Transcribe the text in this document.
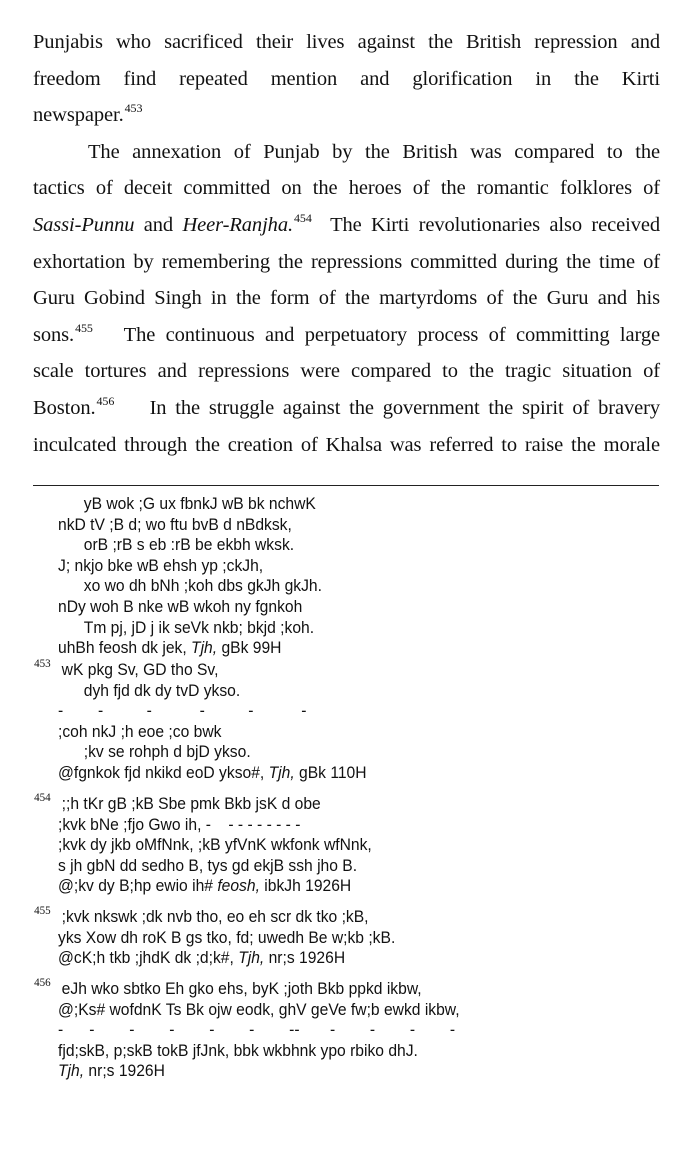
Punjabis who sacrificed their lives against the British repression and
freedom find repeated mention and glorification in the Kirti
newspaper.$^{453}$
The annexation of Punjab by the British was compared to the
tactics of deceit committed on the heroes of the romantic folklores of
Sassi-Punnu and Heer-Ranjha.$^{454}$ The Kirti revolutionaries also received
exhortation by remembering the repressions committed during the time of
Guru Gobind Singh in the form of the martyrdoms of the Guru and his
sons.$^{455}$ The continuous and perpetuatory process of committing large
scale tortures and repressions were compared to the tragic situation of
Boston.$^{456}$ In the struggle against the government the spirit of bravery
inculcated through the creation of Khalsa was referred to raise the morale
yB wok ;G ux fbnkJ wB bk nchwK
nkD tV ;B d; wo ftu bvB d nBdksk,
orB ;rB s eb :rB be ekbh wksk.
J; nkjo bke wB ehsh yp ;ckJh,
xo wo dh bNh ;koh dbs gkJh gkJh.
nDy woh B nke wB wkoh ny fgnkoh
Tm pj, jD j ik seVk nkb; bkjd ;koh.
uhBh feosh dk jek, Tjh, gBk 99H
453 wK pkg Sv, GD tho Sv,
dyh fjd dk dy tvD ykso.
-        -          -           -          -           -
;coh nkJ ;h eoe ;co bwk
;kv se rohph d bjD ykso.
@fgnkok fjd nkikd eoD ykso#, Tjh, gBk 110H
454 ;;h tKr gB ;kB Sbe pmk Bkb jsK d obe
;kvk bNe ;fjo Gwo ih, -    - - - - - - - -
;kvk dy jkb oMfNnk, ;kB yfVnK wkfonk wfNnk,
s jh gbN dd sedho B, tys gd ekjB ssh jho B.
@;kv dy B;hp ewio ih# feosh, ibkJh 1926H
455 ;kvk nkswk ;dk nvb tho, eo eh scr dk tko ;kB,
yks Xow dh roK B gs tko, fd; uwedh Be w;kb ;kB.
@cK;h tkb ;jhdK dk ;d;k#, Tjh, nr;s 1926H
456 eJh wko sbtko Eh gko ehs, byK ;joth Bkb ppkd ikbw,
@;Ks# wofdnK Ts Bk ojw eodk, ghV geVe fw;b ewkd ikbw,
-      -        -        -        -        -        --       -        -        -        -
fjd;skB, p;skB tokB jfJnk, bbk wkbhnk ypo rbiko dhJ.
Tjh, nr;s 1926H
